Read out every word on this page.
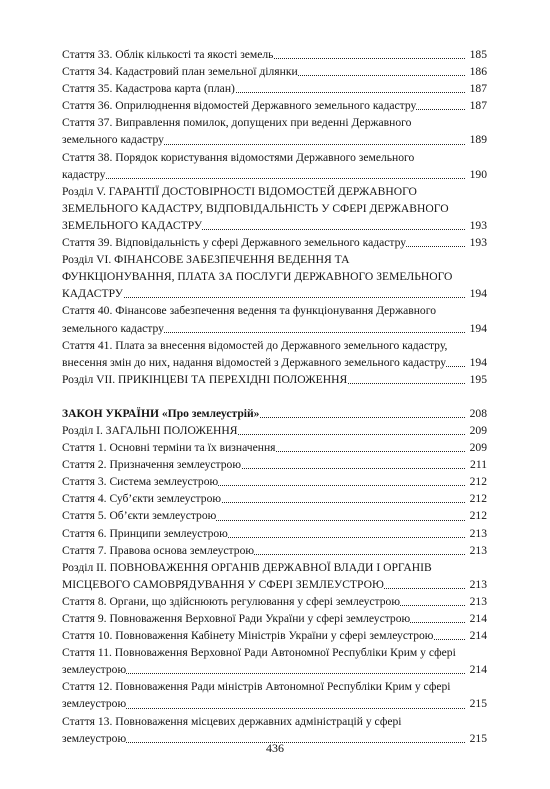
Стаття 33. Облік кількості та якості земель	185
Стаття 34. Кадастровий план земельної ділянки	186
Стаття 35. Кадастрова карта (план)	187
Стаття 36. Оприлюднення відомостей Державного земельного кадастру	187
Стаття 37. Виправлення помилок, допущених при веденні Державного земельного кадастру	189
Стаття 38. Порядок користування відомостями Державного земельного кадастру	190
Розділ V. ГАРАНТІЇ ДОСТОВІРНОСТІ ВІДОМОСТЕЙ ДЕРЖАВНОГО ЗЕМЕЛЬНОГО КАДАСТРУ, ВІДПОВІДАЛЬНІСТЬ У СФЕРІ ДЕРЖАВНОГО ЗЕМЕЛЬНОГО КАДАСТРУ	193
Стаття 39. Відповідальність у сфері Державного земельного кадастру	193
Розділ VI. ФІНАНСОВЕ ЗАБЕЗПЕЧЕННЯ ВЕДЕННЯ ТА ФУНКЦІОНУВАННЯ, ПЛАТА ЗА ПОСЛУГИ ДЕРЖАВНОГО ЗЕМЕЛЬНОГО КАДАСТРУ	194
Стаття 40. Фінансове забезпечення ведення та функціонування Державного земельного кадастру	194
Стаття 41. Плата за внесення відомостей до Державного земельного кадастру, внесення змін до них, надання відомостей з Державного земельного кадастру	194
Розділ VII. ПРИКІНЦЕВІ ТА ПЕРЕХІДНІ ПОЛОЖЕННЯ	195
ЗАКОН УКРАЇНИ «Про землеустрій»	208
Розділ І. ЗАГАЛЬНІ ПОЛОЖЕННЯ	209
Стаття 1. Основні терміни та їх визначення	209
Стаття 2. Призначення землеустрою	211
Стаття 3. Система землеустрою	212
Стаття 4. Суб’єкти землеустрою	212
Стаття 5. Об’єкти землеустрою	212
Стаття 6. Принципи землеустрою	213
Стаття 7. Правова основа землеустрою	213
Розділ ІІ. ПОВНОВАЖЕННЯ ОРГАНІВ ДЕРЖАВНОЇ ВЛАДИ І ОРГАНІВ МІСЦЕВОГО САМОВРЯДУВАННЯ У СФЕРІ ЗЕМЛЕУСТРОЮ	213
Стаття 8. Органи, що здійснюють регулювання у сфері землеустрою	213
Стаття 9. Повноваження Верховної Ради України у сфері землеустрою	214
Стаття 10. Повноваження Кабінету Міністрів України у сфері землеустрою	214
Стаття 11. Повноваження Верховної Ради Автономної Республіки Крим у сфері землеустрою	214
Стаття 12. Повноваження Ради міністрів Автономної Республіки Крим у сфері землеустрою	215
Стаття 13. Повноваження місцевих державних адміністрацій у сфері землеустрою	215
436
